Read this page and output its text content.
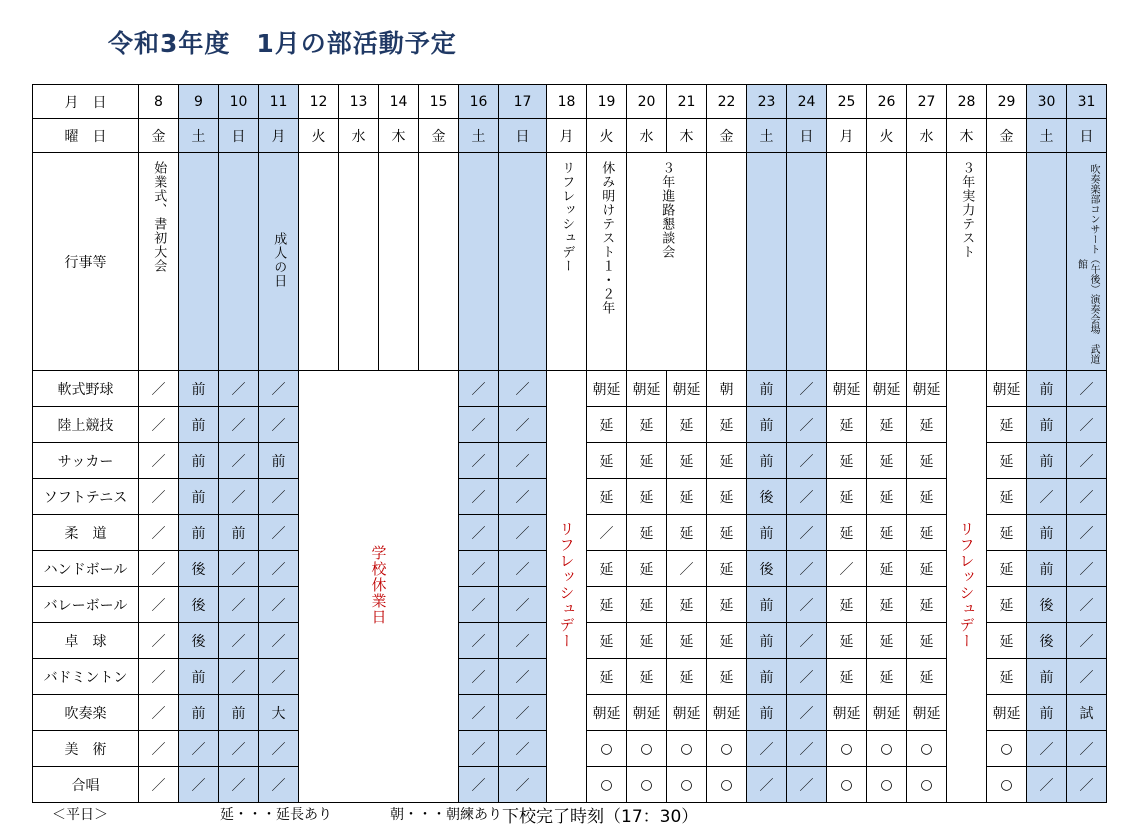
令和3年度　1月の部活動予定
月　日	8	9	10	11	12	13	14	15	16	17	18	19	20	21	22	23	24	25	26	27	28	29	30	31
曜　日	金	土	日	月	火	水	木	金	土	日	月	火	水	木	金	土	日	月	火	水	木	金	土	日
行事等	始業式、書初大会			成人の日							リフレッシュデー	休み明けテスト１・２年	３年進路懇談会								３年実力テスト			吹奏楽部コンサート（午後）演奏会場　武道館
軟式野球	／	前	／	／	学校休業日				／	／	リフレッシュデー	朝延	朝延	朝延	朝	前	／	朝延	朝延	朝延	リフレッシュデー	朝延	前	／
陸上競技	／	前	／	／					／	／		延	延	延	延	前	／	延	延	延		延	前	／
サッカー	／	前	／	前					／	／		延	延	延	延	前	／	延	延	延		延	前	／
ソフトテニス	／	前	／	／					／	／		延	延	延	延	後	／	延	延	延		延	／	／
柔　道	／	前	前	／					／	／		／	延	延	延	前	／	延	延	延		延	前	／
ハンドボール	／	後	／	／					／	／		延	延	／	延	後	／	／	延	延		延	前	／
バレーボール	／	後	／	／					／	／		延	延	延	延	前	／	延	延	延		延	後	／
卓　球	／	後	／	／					／	／		延	延	延	延	前	／	延	延	延		延	後	／
バドミントン	／	前	／	／					／	／		延	延	延	延	前	／	延	延	延		延	前	／
吹奏楽	／	前	前	大					／	／		朝延	朝延	朝延	朝延	前	／	朝延	朝延	朝延		朝延	前	試
美　術	／	／	／	／					／	／		○	○	○	○	／	／	○	○	○		○	／	／
合唱	／	／	／	／					／	／		○	○	○	○	／	／	○	○	○		○	／	／
＜平日＞	延・・・延長あり	朝・・・朝練あり 下校完了時刻（17：30）
